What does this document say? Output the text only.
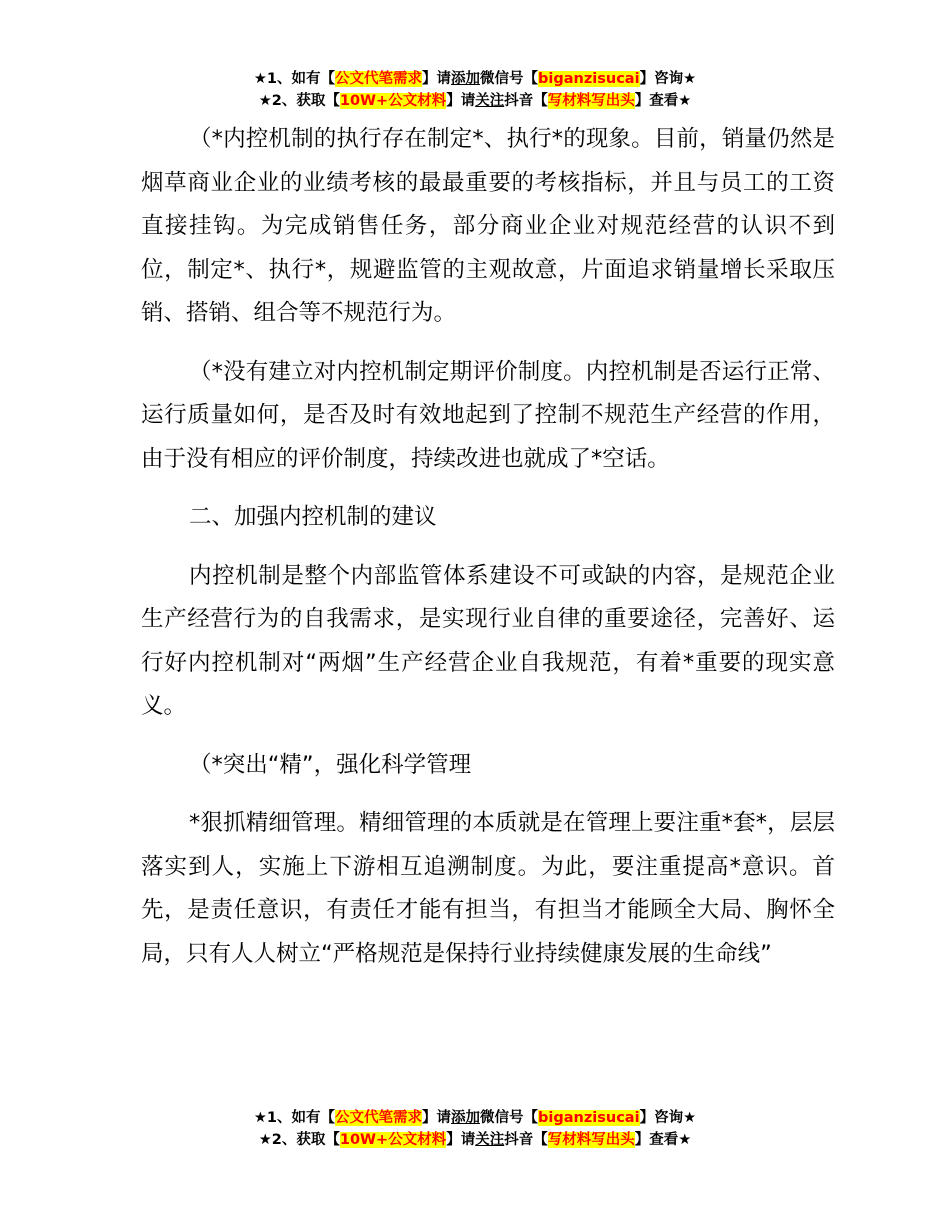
★1、如有【公文代笔需求】请添加微信号【biganzisucai】咨询★
★2、获取【10W+公文材料】请关注抖音【写材料写出头】查看★

（*内控机制的执行存在制定*、执行*的现象。目前，销量仍然是烟草商业企业的业绩考核的最最重要的考核指标，并且与员工的工资直接挂钩。为完成销售任务，部分商业企业对规范经营的认识不到位，制定*、执行*，规避监管的主观故意，片面追求销量增长采取压销、搭销、组合等不规范行为。

（*没有建立对内控机制定期评价制度。内控机制是否运行正常、运行质量如何，是否及时有效地起到了控制不规范生产经营的作用，由于没有相应的评价制度，持续改进也就成了*空话。

二、加强内控机制的建议

内控机制是整个内部监管体系建设不可或缺的内容，是规范企业生产经营行为的自我需求，是实现行业自律的重要途径，完善好、运行好内控机制对“两烟”生产经营企业自我规范，有着*重要的现实意义。

（*突出“精”，强化科学管理

*狠抓精细管理。精细管理的本质就是在管理上要注重*套*，层层落实到人，实施上下游相互追溯制度。为此，要注重提高*意识。首先，是责任意识，有责任才能有担当，有担当才能顾全大局、胸怀全局，只有人人树立“严格规范是保持行业持续健康发展的生命线”

★1、如有【公文代笔需求】请添加微信号【biganzisucai】咨询★
★2、获取【10W+公文材料】请关注抖音【写材料写出头】查看★
